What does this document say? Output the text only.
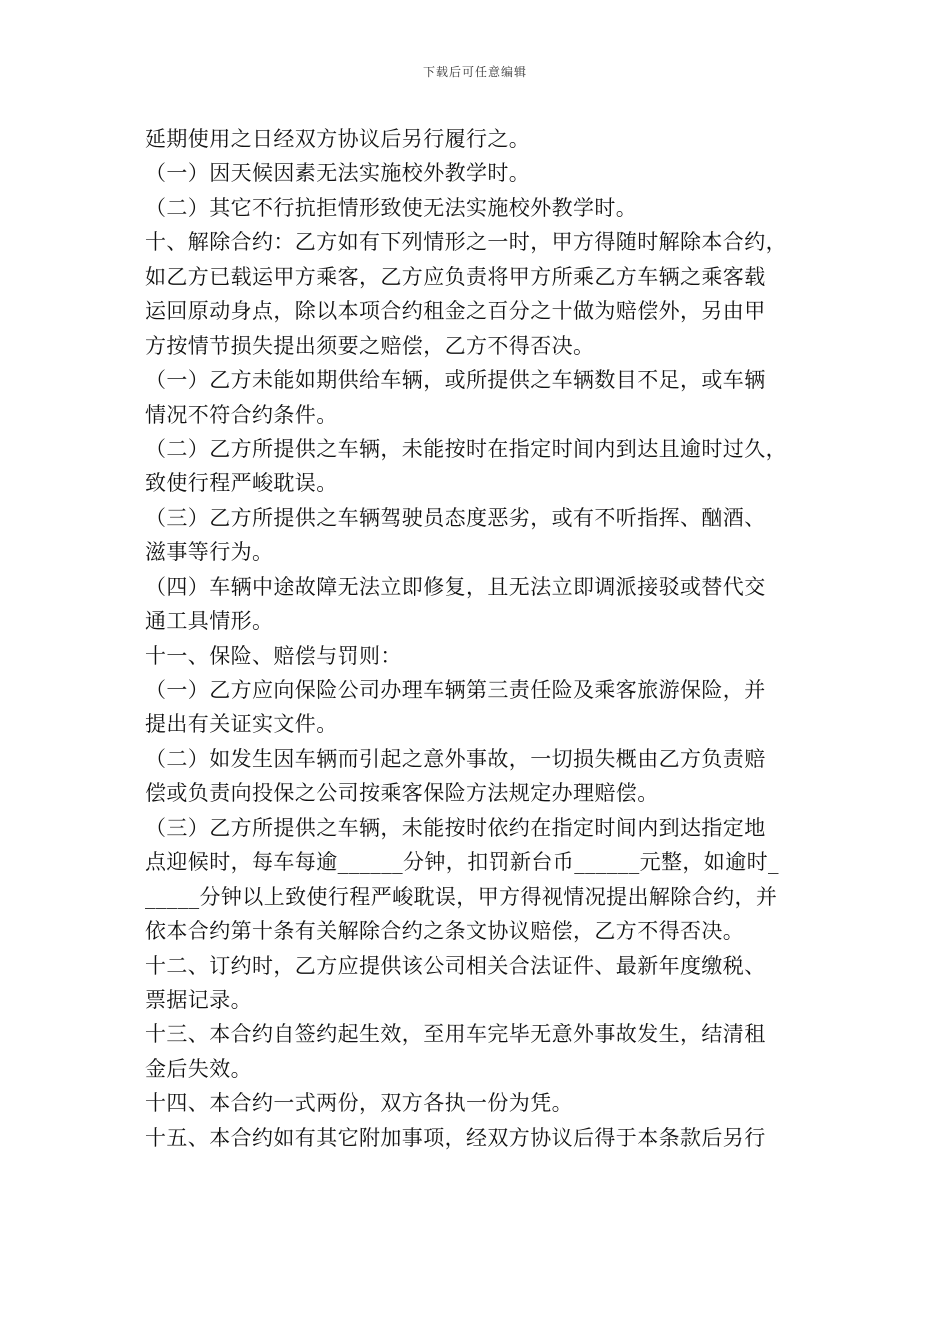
下载后可任意编辑
延期使用之日经双方协议后另行履行之。
（一）因天候因素无法实施校外教学时。
（二）其它不行抗拒情形致使无法实施校外教学时。
十、解除合约：乙方如有下列情形之一时，甲方得随时解除本合约，
如乙方已载运甲方乘客，乙方应负责将甲方所乘乙方车辆之乘客载
运回原动身点，除以本项合约租金之百分之十做为赔偿外，另由甲
方按情节损失提出须要之赔偿，乙方不得否决。
（一）乙方未能如期供给车辆，或所提供之车辆数目不足，或车辆
情况不符合约条件。
（二）乙方所提供之车辆，未能按时在指定时间内到达且逾时过久，
致使行程严峻耽误。
（三）乙方所提供之车辆驾驶员态度恶劣，或有不听指挥、酗酒、
滋事等行为。
（四）车辆中途故障无法立即修复，且无法立即调派接驳或替代交
通工具情形。
十一、保险、赔偿与罚则：
（一）乙方应向保险公司办理车辆第三责任险及乘客旅游保险，并
提出有关证实文件。
（二）如发生因车辆而引起之意外事故，一切损失概由乙方负责赔
偿或负责向投保之公司按乘客保险方法规定办理赔偿。
（三）乙方所提供之车辆，未能按时依约在指定时间内到达指定地
点迎候时，每车每逾______分钟，扣罚新台币______元整，如逾时_
_____分钟以上致使行程严峻耽误，甲方得视情况提出解除合约，并
依本合约第十条有关解除合约之条文协议赔偿，乙方不得否决。
十二、订约时，乙方应提供该公司相关合法证件、最新年度缴税、
票据记录。
十三、本合约自签约起生效，至用车完毕无意外事故发生，结清租
金后失效。
十四、本合约一式两份，双方各执一份为凭。
十五、本合约如有其它附加事项，经双方协议后得于本条款后另行
